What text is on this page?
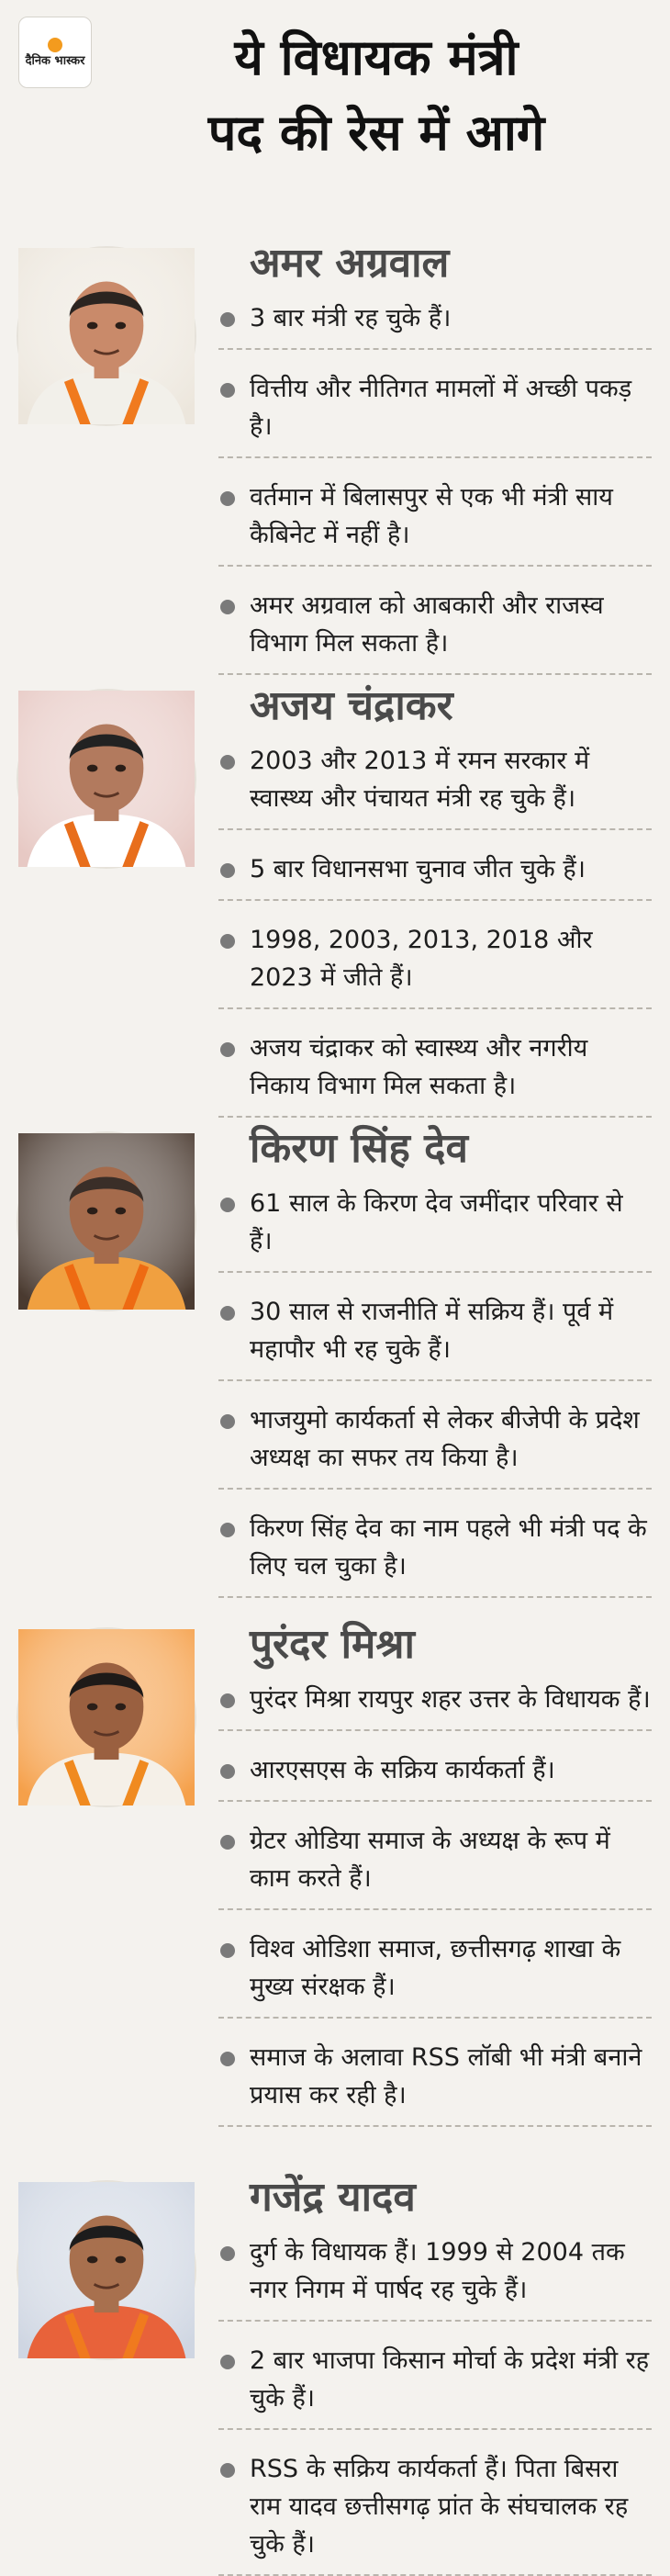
दैनिक भास्कर	ये विधायक मंत्री
पद की रेस में आगे
अमर अग्रवाल
3 बार मंत्री रह चुके हैं।
वित्तीय और नीतिगत मामलों में अच्छी पकड़ है।
वर्तमान में बिलासपुर से एक भी मंत्री साय कैबिनेट में नहीं है।
अमर अग्रवाल को आबकारी और राजस्व विभाग मिल सकता है।
अजय चंद्राकर
2003 और 2013 में रमन सरकार में स्वास्थ्य और पंचायत मंत्री रह चुके हैं।
5 बार विधानसभा चुनाव जीत चुके हैं।
1998, 2003, 2013, 2018 और 2023 में जीते हैं।
अजय चंद्राकर को स्वास्थ्य और नगरीय निकाय विभाग मिल सकता है।
किरण सिंह देव
61 साल के किरण देव जमींदार परिवार से हैं।
30 साल से राजनीति में सक्रिय हैं। पूर्व में महापौर भी रह चुके हैं।
भाजयुमो कार्यकर्ता से लेकर बीजेपी के प्रदेश अध्यक्ष का सफर तय किया है।
किरण सिंह देव का नाम पहले भी मंत्री पद के लिए चल चुका है।
पुरंदर मिश्रा
पुरंदर मिश्रा रायपुर शहर उत्तर के विधायक हैं।
आरएसएस के सक्रिय कार्यकर्ता हैं।
ग्रेटर ओडिया समाज के अध्यक्ष के रूप में काम करते हैं।
विश्व ओडिशा समाज, छत्तीसगढ़ शाखा के मुख्य संरक्षक हैं।
समाज के अलावा RSS लॉबी भी मंत्री बनाने प्रयास कर रही है।
गजेंद्र यादव
दुर्ग के विधायक हैं। 1999 से 2004 तक नगर निगम में पार्षद रह चुके हैं।
2 बार भाजपा किसान मोर्चा के प्रदेश मंत्री रह चुके हैं।
RSS के सक्रिय कार्यकर्ता हैं। पिता बिसरा राम यादव छत्तीसगढ़ प्रांत के संघचालक रह चुके हैं।
